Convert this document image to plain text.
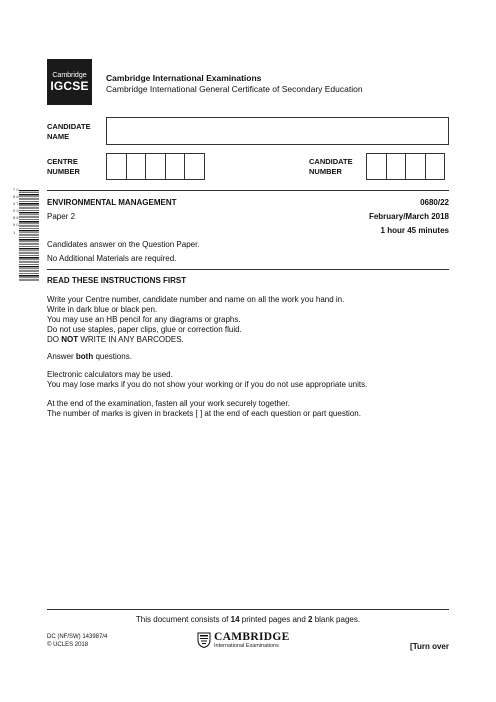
Cambridge
IGCSE
Cambridge International Examinations
Cambridge International General Certificate of Secondary Education
CANDIDATE
NAME
CENTRE
NUMBER
CANDIDATE
NUMBER
7 0 8 8 4 7 9 3 8 6 9 0 1
ENVIRONMENTAL MANAGEMENT	0680/22
Paper 2	February/March 2018
1 hour 45 minutes
Candidates answer on the Question Paper.
No Additional Materials are required.
READ THESE INSTRUCTIONS FIRST
Write your Centre number, candidate number and name on all the work you hand in.
Write in dark blue or black pen.
You may use an HB pencil for any diagrams or graphs.
Do not use staples, paper clips, glue or correction fluid.
DO NOT WRITE IN ANY BARCODES.
Answer both questions.
Electronic calculators may be used.
You may lose marks if you do not show your working or if you do not use appropriate units.
At the end of the examination, fasten all your work securely together.
The number of marks is given in brackets [ ] at the end of each question or part question.
This document consists of 14 printed pages and 2 blank pages.
DC (NF/SW) 143987/4
© UCLES 2018
CAMBRIDGE
International Examinations	[Turn over
